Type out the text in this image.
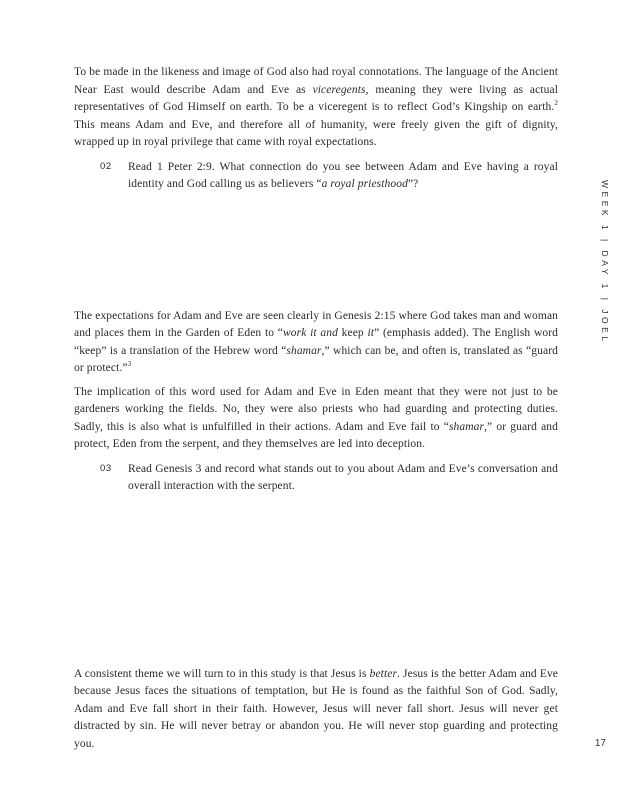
To be made in the likeness and image of God also had royal connotations. The language of the Ancient Near East would describe Adam and Eve as viceregents, meaning they were living as actual representatives of God Himself on earth. To be a viceregent is to reflect God’s Kingship on earth.$^2$ This means Adam and Eve, and therefore all of humanity, were freely given the gift of dignity, wrapped up in royal privilege that came with royal expectations.

02	Read 1 Peter 2:9. What connection do you see between Adam and Eve having a royal identity and God calling us as believers “a royal priesthood”?

The expectations for Adam and Eve are seen clearly in Genesis 2:15 where God takes man and woman and places them in the Garden of Eden to “work it and keep it” (emphasis added). The English word “keep” is a translation of the Hebrew word “shamar,” which can be, and often is, translated as “guard or protect.”$^3$

The implication of this word used for Adam and Eve in Eden meant that they were not just to be gardeners working the fields. No, they were also priests who had guarding and protecting duties. Sadly, this is also what is unfulfilled in their actions. Adam and Eve fail to “shamar,” or guard and protect, Eden from the serpent, and they themselves are led into deception.

03	Read Genesis 3 and record what stands out to you about Adam and Eve’s conversation and overall interaction with the serpent.

A consistent theme we will turn to in this study is that Jesus is better. Jesus is the better Adam and Eve because Jesus faces the situations of temptation, but He is found as the faithful Son of God. Sadly, Adam and Eve fall short in their faith. However, Jesus will never fall short. Jesus will never get distracted by sin. He will never betray or abandon you. He will never stop guarding and protecting you.

WEEK 1 | DAY 1 | JOEL
17
